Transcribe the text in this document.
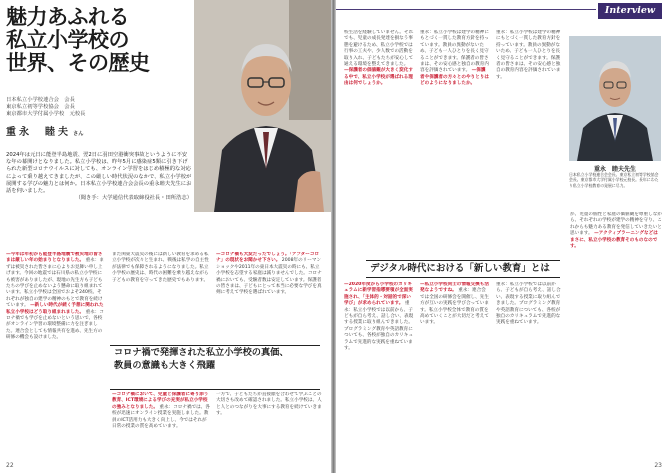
魅力あふれる
私立小学校の
世界、その歴史
日本私立小学校連合会　会長
東京私立初等学校協会　会長
東京都市大学付属小学校　元校長
重永　睦夫 さん
2024年は元日に能登半島地震、翌2日に羽田空港衝突事故というように不安な年の幕開けとなりました。私立小学校は、昨年5月に感染症5類に引き下げられた新型コロナウイルスに対しても、オンライン学習をはじめ積極的な対応によって乗り越えてきましたが、この厳しい時代状況のなかで、私立小学校が展開する学びの魅力とは何か。日本私立小学校連合会会長の重永睦夫先生にお話を伺いました。
（聞き手：大学通信代表取締役社長・田所浩志）
—今年は年初から能登半島地震で被災地の皆さまは厳しい年の始まりとなりました。 重永：まずは被災された皆さまに心よりお見舞い申し上げます。今回の地震では石川県の私立小学校にも被害がありましたが、現地の先生方も子どもたちの学びを止めないよう懸命に取り組まれています。私立小学校は全国でおよそ240校。それぞれが独自の建学の精神のもとで教育を続けています。 —新しい時代が続く予想に関われた私立小学校はどう取り組まれました。 重永：コロナ禍でも学びを止めないという思いで、各校がオンライン学習の環境整備に力を注ぎました。連合会としても情報共有を進め、先生方の研修の機会も設けました。
また関東大震災の後には新しい教育を求める私立小学校が次々と生まれ、戦後は私学の自主性が法律でも保障されるようになりました。私立小学校の歴史は、時代の困難を乗り越えながら子どもの教育を守ってきた歴史でもあります。
—コロナ禍も大変だったでしょう。「アフターコロナ」の現状をお聞かせ下さい。 2008年のリーマンショックや2011年の東日本大震災の時にも、私立小学校を志望する家庭は減りませんでした。コロナ禍においても、受験者数は安定しています。保護者の皆さまは、子どもにとって本当に必要な学びを真剣に考えて学校を選ばれています。
コロナ禍で発揮された私立小学校の真価、
教員の意識も大きく飛躍
—コロナ禍において、児童と保護者に寄り添う教育、ICT環境による学びの充実が私立小学校の強みとなりました。 重永：コロナ禍では、各校が迅速にオンライン授業を実施しました。教員のICT活用力も大きく向上し、今ではそれが日常の授業の質を高めています。
一方で、子どもたちが直接顔を合わせて学ぶことの大切さも改めて確認されました。私立小学校は、人と人とのつながりを大事にする教育を続けていきます。
22
Interview
校生活を経験していません。それでも、児童の成長発達を損なう事態を避けるため、私立小学校では行事の工夫や、少人数での活動を取り入れ、子どもたちが安心して通える環境を整えてきました。 —保護者の価値観が大きく変化する中で、私立小学校が選ばれる理由は何でしょうか。
重永：私立小学校は建学の精神にもとづく一貫した教育方針を持っています。教員の異動がないため、子ども一人ひとりを長く見守ることができます。保護者の皆さまは、その安心感と独自の教育内容を評価されています。 —保護者や保護者の方々とのやりとりはどのようになりましたか。
重永：私立小学校は建学の精神にもとづく一貫した教育方針を持っています。教員の異動がないため、子ども一人ひとりを長く見守ることができます。保護者の皆さまは、その安心感と独自の教育内容を評価されています。
重永　睦夫先生
日本私立小学校連合会会長。東京私立初等学校協会会長。東京都市大学付属小学校元校長。長年にわたり私立小学校教育の発展に尽力。
デジタル時代における「新しい教育」とは
—2020年度から小学校のカリキュラムに新学習指導要領が全面実施され、「主体的・対話的で深い学び」が求められています。 重永：私立小学校では以前から、子どもが自ら考え、話し合い、表現する授業に取り組んできました。プログラミング教育や英語教育についても、各校が独自のカリキュラムで先進的な実践を重ねています。
—私立小学校同士の情報交換も活発なようですね。 重永：連合会では全国の研修会を開催し、先生方が互いの実践を学び合っています。私立小学校全体で教育の質を高めていくことが大切だと考えています。
重永：私立小学校では以前から、子どもが自ら考え、話し合い、表現する授業に取り組んできました。プログラミング教育や英語教育についても、各校が独自のカリキュラムで先進的な実践を重ねています。
が、児童の個性と家庭の価値観を尊重しながら、それぞれの学校が建学の精神を守り、これからも魅力ある教育を発信していきたいと思います。 —アクティブラーニングなどはまさに、私立小学校の教育そのものなのです。
23
